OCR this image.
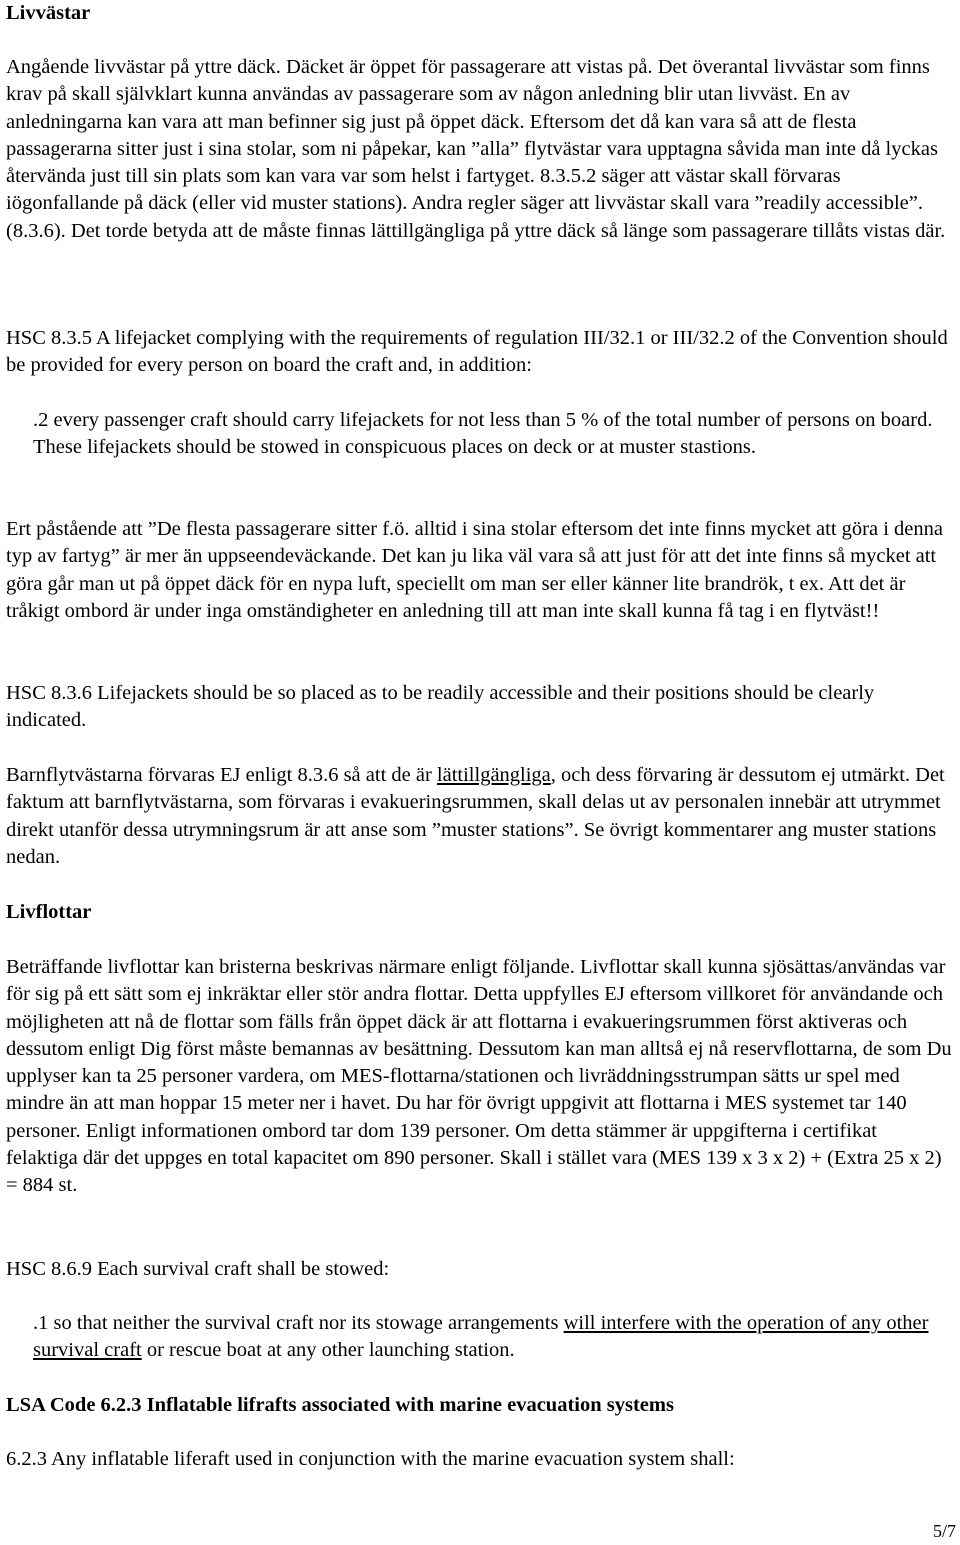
Livvästar

Angående livvästar på yttre däck. Däcket är öppet för passagerare att vistas på. Det överantal livvästar som finns krav på skall självklart kunna användas av passagerare som av någon anledning blir utan livväst. En av anledningarna kan vara att man befinner sig just på öppet däck. Eftersom det då kan vara så att de flesta passagerarna sitter just i sina stolar, som ni påpekar, kan ”alla” flytvästar vara upptagna såvida man inte då lyckas återvända just till sin plats som kan vara var som helst i fartyget. 8.3.5.2 säger att västar skall förvaras iögonfallande på däck (eller vid muster stations). Andra regler säger att livvästar skall vara ”readily accessible”. (8.3.6). Det torde betyda att de måste finnas lättillgängliga på yttre däck så länge som passagerare tillåts vistas där.

HSC 8.3.5 A lifejacket complying with the requirements of regulation III/32.1 or III/32.2 of the Convention should be provided for every person on board the craft and, in addition:

.2 every passenger craft should carry lifejackets for not less than 5 % of the total number of persons on board. These lifejackets should be stowed in conspicuous places on deck or at muster stastions.

Ert påstående att ”De flesta passagerare sitter f.ö. alltid i sina stolar eftersom det inte finns mycket att göra i denna typ av fartyg” är mer än uppseendeväckande. Det kan ju lika väl vara så att just för att det inte finns så mycket att göra går man ut på öppet däck för en nypa luft, speciellt om man ser eller känner lite brandrök, t ex. Att det är tråkigt ombord är under inga omständigheter en anledning till att man inte skall kunna få tag i en flytväst!!

HSC 8.3.6 Lifejackets should be so placed as to be readily accessible and their positions should be clearly indicated.

Barnflytvästarna förvaras EJ enligt 8.3.6 så att de är lättillgängliga, och dess förvaring är dessutom ej utmärkt. Det faktum att barnflytvästarna, som förvaras i evakueringsrummen, skall delas ut av personalen innebär att utrymmet direkt utanför dessa utrymningsrum är att anse som ”muster stations”. Se övrigt kommentarer ang muster stations nedan.

Livflottar

Beträffande livflottar kan bristerna beskrivas närmare enligt följande. Livflottar skall kunna sjösättas/användas var för sig på ett sätt som ej inkräktar eller stör andra flottar. Detta uppfylles EJ eftersom villkoret för användande och möjligheten att nå de flottar som fälls från öppet däck är att flottarna i evakueringsrummen först aktiveras och dessutom enligt Dig först måste bemannas av besättning. Dessutom kan man alltså ej nå reservflottarna, de som Du upplyser kan ta 25 personer vardera, om MES-flottarna/stationen och livräddningsstrumpan sätts ur spel med mindre än att man hoppar 15 meter ner i havet. Du har för övrigt uppgivit att flottarna i MES systemet tar 140 personer. Enligt informationen ombord tar dom 139 personer. Om detta stämmer är uppgifterna i certifikat felaktiga där det uppges en total kapacitet om 890 personer. Skall i stället vara (MES 139 x 3 x 2) + (Extra 25 x 2) = 884 st.

HSC 8.6.9 Each survival craft shall be stowed:

.1 so that neither the survival craft nor its stowage arrangements will interfere with the operation of any other survival craft or rescue boat at any other launching station.

LSA Code 6.2.3 Inflatable lifrafts associated with marine evacuation systems

6.2.3 Any inflatable liferaft used in conjunction with the marine evacuation system shall:

5/7
